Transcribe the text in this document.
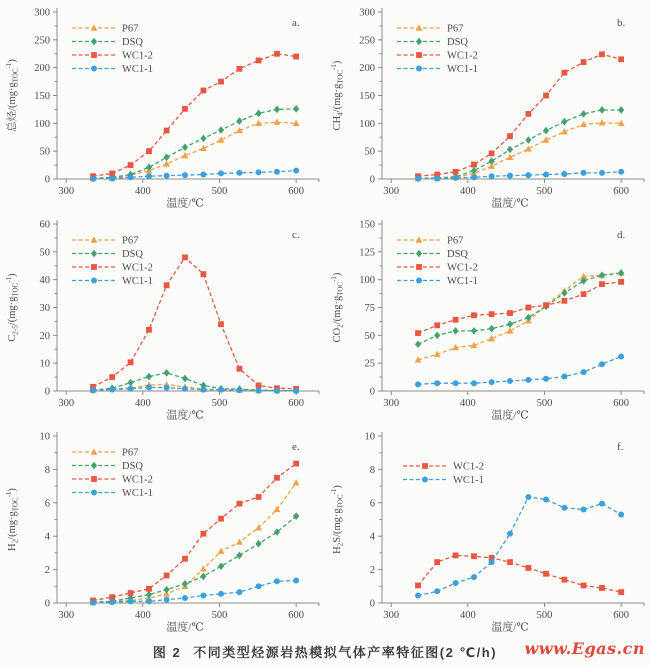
300	400	500	600
0
50
100
150
200
250
300
温度/℃
总烃$/(mg\cdot g_{TOC}^{-1})$
a.
P67
DSQ
WC1-2
WC1-1
300	400	500	600
0
50
100
150
200
250
300
温度/℃
$CH_4/(mg\cdot g_{TOC}^{-1})$
b.
P67
DSQ
WC1-2
WC1-1
300	400	500	600
0
10
20
30
40
50
60
温度/℃
$C_{2-5}/(mg\cdot g_{TOC}^{-1})$
c.
P67
DSQ
WC1-2
WC1-1
300	400	500	600
0
25
50
75
100
125
150
温度/℃
$CO_2/(mg\cdot g_{TOC}^{-1})$
d.
P67
DSQ
WC1-2
WC1-1
300	400	500	600
0
2
4
6
8
10
温度/℃
$H_2/(mg\cdot g_{TOC}^{-1})$
e.
P67
DSQ
WC1-2
WC1-1
300	400	500	600
0
2
4
6
8
10
温度/℃
$H_2S/(mg\cdot g_{TOC}^{-1})$
f.
WC1-2
WC1-1
图 2 不同类型烃源岩热模拟气体产率特征图(2 ℃/h) www.Egas.cn
